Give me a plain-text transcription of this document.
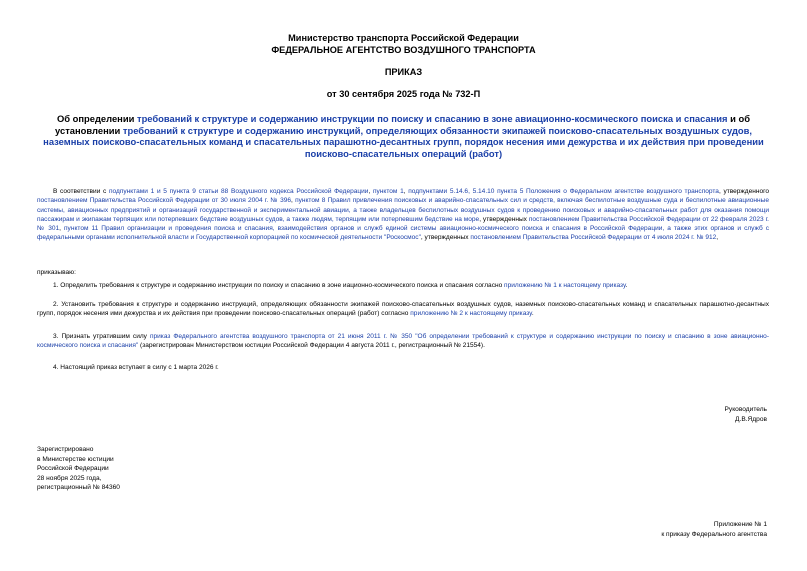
Министерство транспорта Российской Федерации
ФЕДЕРАЛЬНОЕ АГЕНТСТВО ВОЗДУШНОГО ТРАНСПОРТА
ПРИКАЗ
от 30 сентября 2025 года № 732-П
Об определении требований к структуре и содержанию инструкции по поиску и спасанию в зоне авиационно-космического поиска и спасания и об установлении требований к структуре и содержанию инструкций, определяющих обязанности экипажей поисково-спасательных воздушных судов, наземных поисково-спасательных команд и спасательных парашютно-десантных групп, порядок несения ими дежурства и их действия при проведении поисково-спасательных операций (работ)
В соответствии с подпунктами 1 и 5 пункта 9 статьи 88 Воздушного кодекса Российской Федерации, пунктом 1, подпунктами 5.14.6, 5.14.10 пункта 5 Положения о Федеральном агентстве воздушного транспорта, утвержденного постановлением Правительства Российской Федерации от 30 июля 2004 г. № 396, пунктом 8 Правил привлечения поисковых и аварийно-спасательных сил и средств, включая беспилотные воздушные суда и беспилотные авиационные системы, авиационных предприятий и организаций государственной и экспериментальной авиации, а также владельцев беспилотных воздушных судов к проведению поисковых и аварийно-спасательных работ для оказания помощи пассажирам и экипажам терпящих или потерпевших бедствие воздушных судов, а также людям, терпящим или потерпевшим бедствие на море, утвержденных постановлением Правительства Российской Федерации от 22 февраля 2023 г. № 301, пунктом 11 Правил организации и проведения поиска и спасания, взаимодействия органов и служб единой системы авиационно-космического поиска и спасания в Российской Федерации, а также этих органов и служб с федеральными органами исполнительной власти и Государственной корпорацией по космической деятельности "Роскосмос", утвержденных постановлением Правительства Российской Федерации от 4 июля 2024 г. № 912,
приказываю:
1. Определить требования к структуре и содержанию инструкции по поиску и спасанию в зоне иационно-космического поиска и спасания согласно приложению № 1 к настоящему приказу.
2. Установить требования к структуре и содержанию инструкций, определяющих обязанности экипажей поисково-спасательных воздушных судов, наземных поисково-спасательных команд и спасательных парашютно-десантных групп, порядок несения ими дежурства и их действия при проведении поисково-спасательных операций (работ) согласно приложению № 2 к настоящему приказу.
3. Признать утратившим силу приказ Федерального агентства воздушного транспорта от 21 июня 2011 г. № 350 "Об определении требований к структуре и содержанию инструкции по поиску и спасанию в зоне авиационно-космического поиска и спасания" (зарегистрирован Министерством юстиции Российской Федерации 4 августа 2011 г., регистрационный № 21554).
4. Настоящий приказ вступает в силу с 1 марта 2026 г.
Руководитель
Д.В.Ядров
Зарегистрировано
в Министерстве юстиции
Российской Федерации
28 ноября 2025 года,
регистрационный № 84360
Приложение № 1
к приказу Федерального агентства
